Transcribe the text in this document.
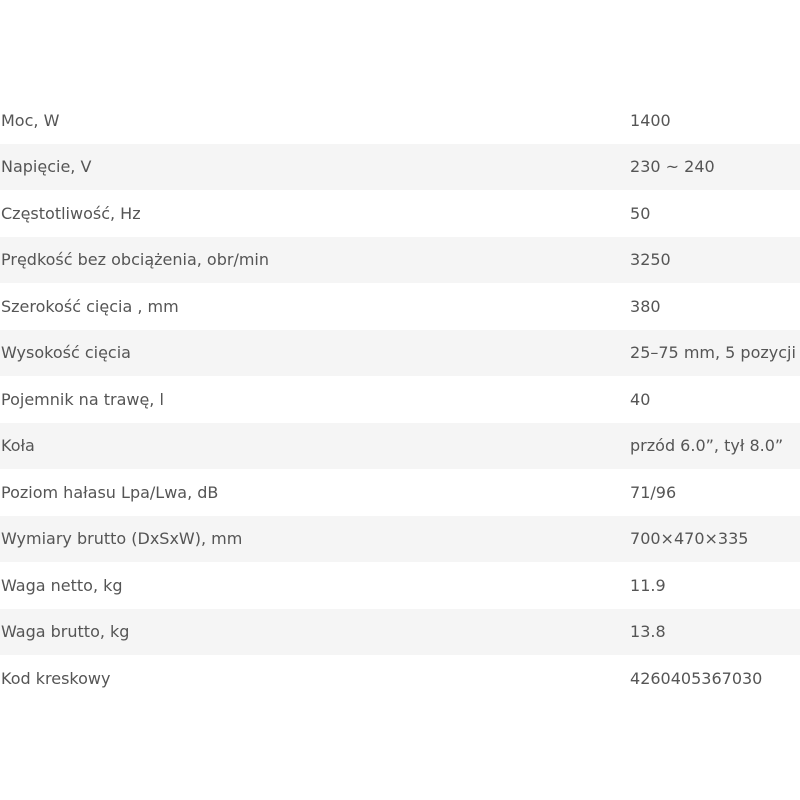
Moc, W	1400
Napięcie, V	230 ~ 240
Częstotliwość, Hz	50
Prędkość bez obciążenia, obr/min	3250
Szerokość cięcia , mm	380
Wysokość cięcia	25–75 mm, 5 pozycji
Pojemnik na trawę, l	40
Koła	przód 6.0”, tył 8.0”
Poziom hałasu Lpa/Lwa, dB	71/96
Wymiary brutto (DxSxW), mm	700×470×335
Waga netto, kg	11.9
Waga brutto, kg	13.8
Kod kreskowy	4260405367030
